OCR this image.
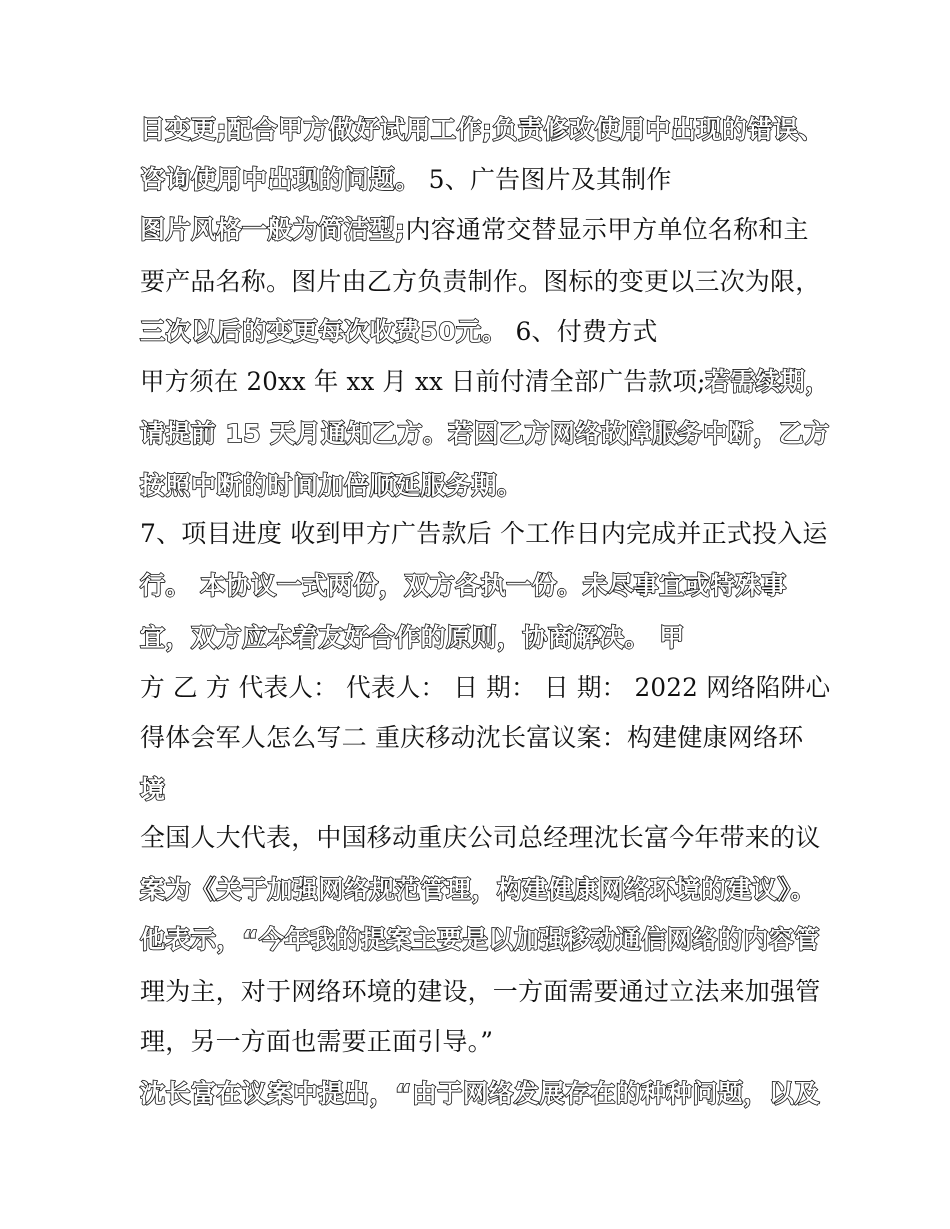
目变更;配合甲方做好试用工作;负责修改使用中出现的错误、
咨询使用中出现的问题。 5、广告图片及其制作
图片风格一般为简洁型;内容通常交替显示甲方单位名称和主
要产品名称。图片由乙方负责制作。图标的变更以三次为限，
三次以后的变更每次收费50元。 6、付费方式
甲方须在 20xx 年 xx 月 xx 日前付清全部广告款项;若需续期，
请提前 15 天月通知乙方。若因乙方网络故障服务中断，乙方
按照中断的时间加倍顺延服务期。
7、项目进度 收到甲方广告款后 个工作日内完成并正式投入运
行。 本协议一式两份，双方各执一份。未尽事宜或特殊事
宜，双方应本着友好合作的原则，协商解决。 甲
方 乙 方 代表人： 代表人： 日 期： 日 期： 2022 网络陷阱心
得体会军人怎么写二 重庆移动沈长富议案：构建健康网络环
境
全国人大代表，中国移动重庆公司总经理沈长富今年带来的议
案为《关于加强网络规范管理，构建健康网络环境的建议》。
他表示，“今年我的提案主要是以加强移动通信网络的内容管
理为主，对于网络环境的建设，一方面需要通过立法来加强管
理，另一方面也需要正面引导。”
沈长富在议案中提出，“由于网络发展存在的种种问题，以及
